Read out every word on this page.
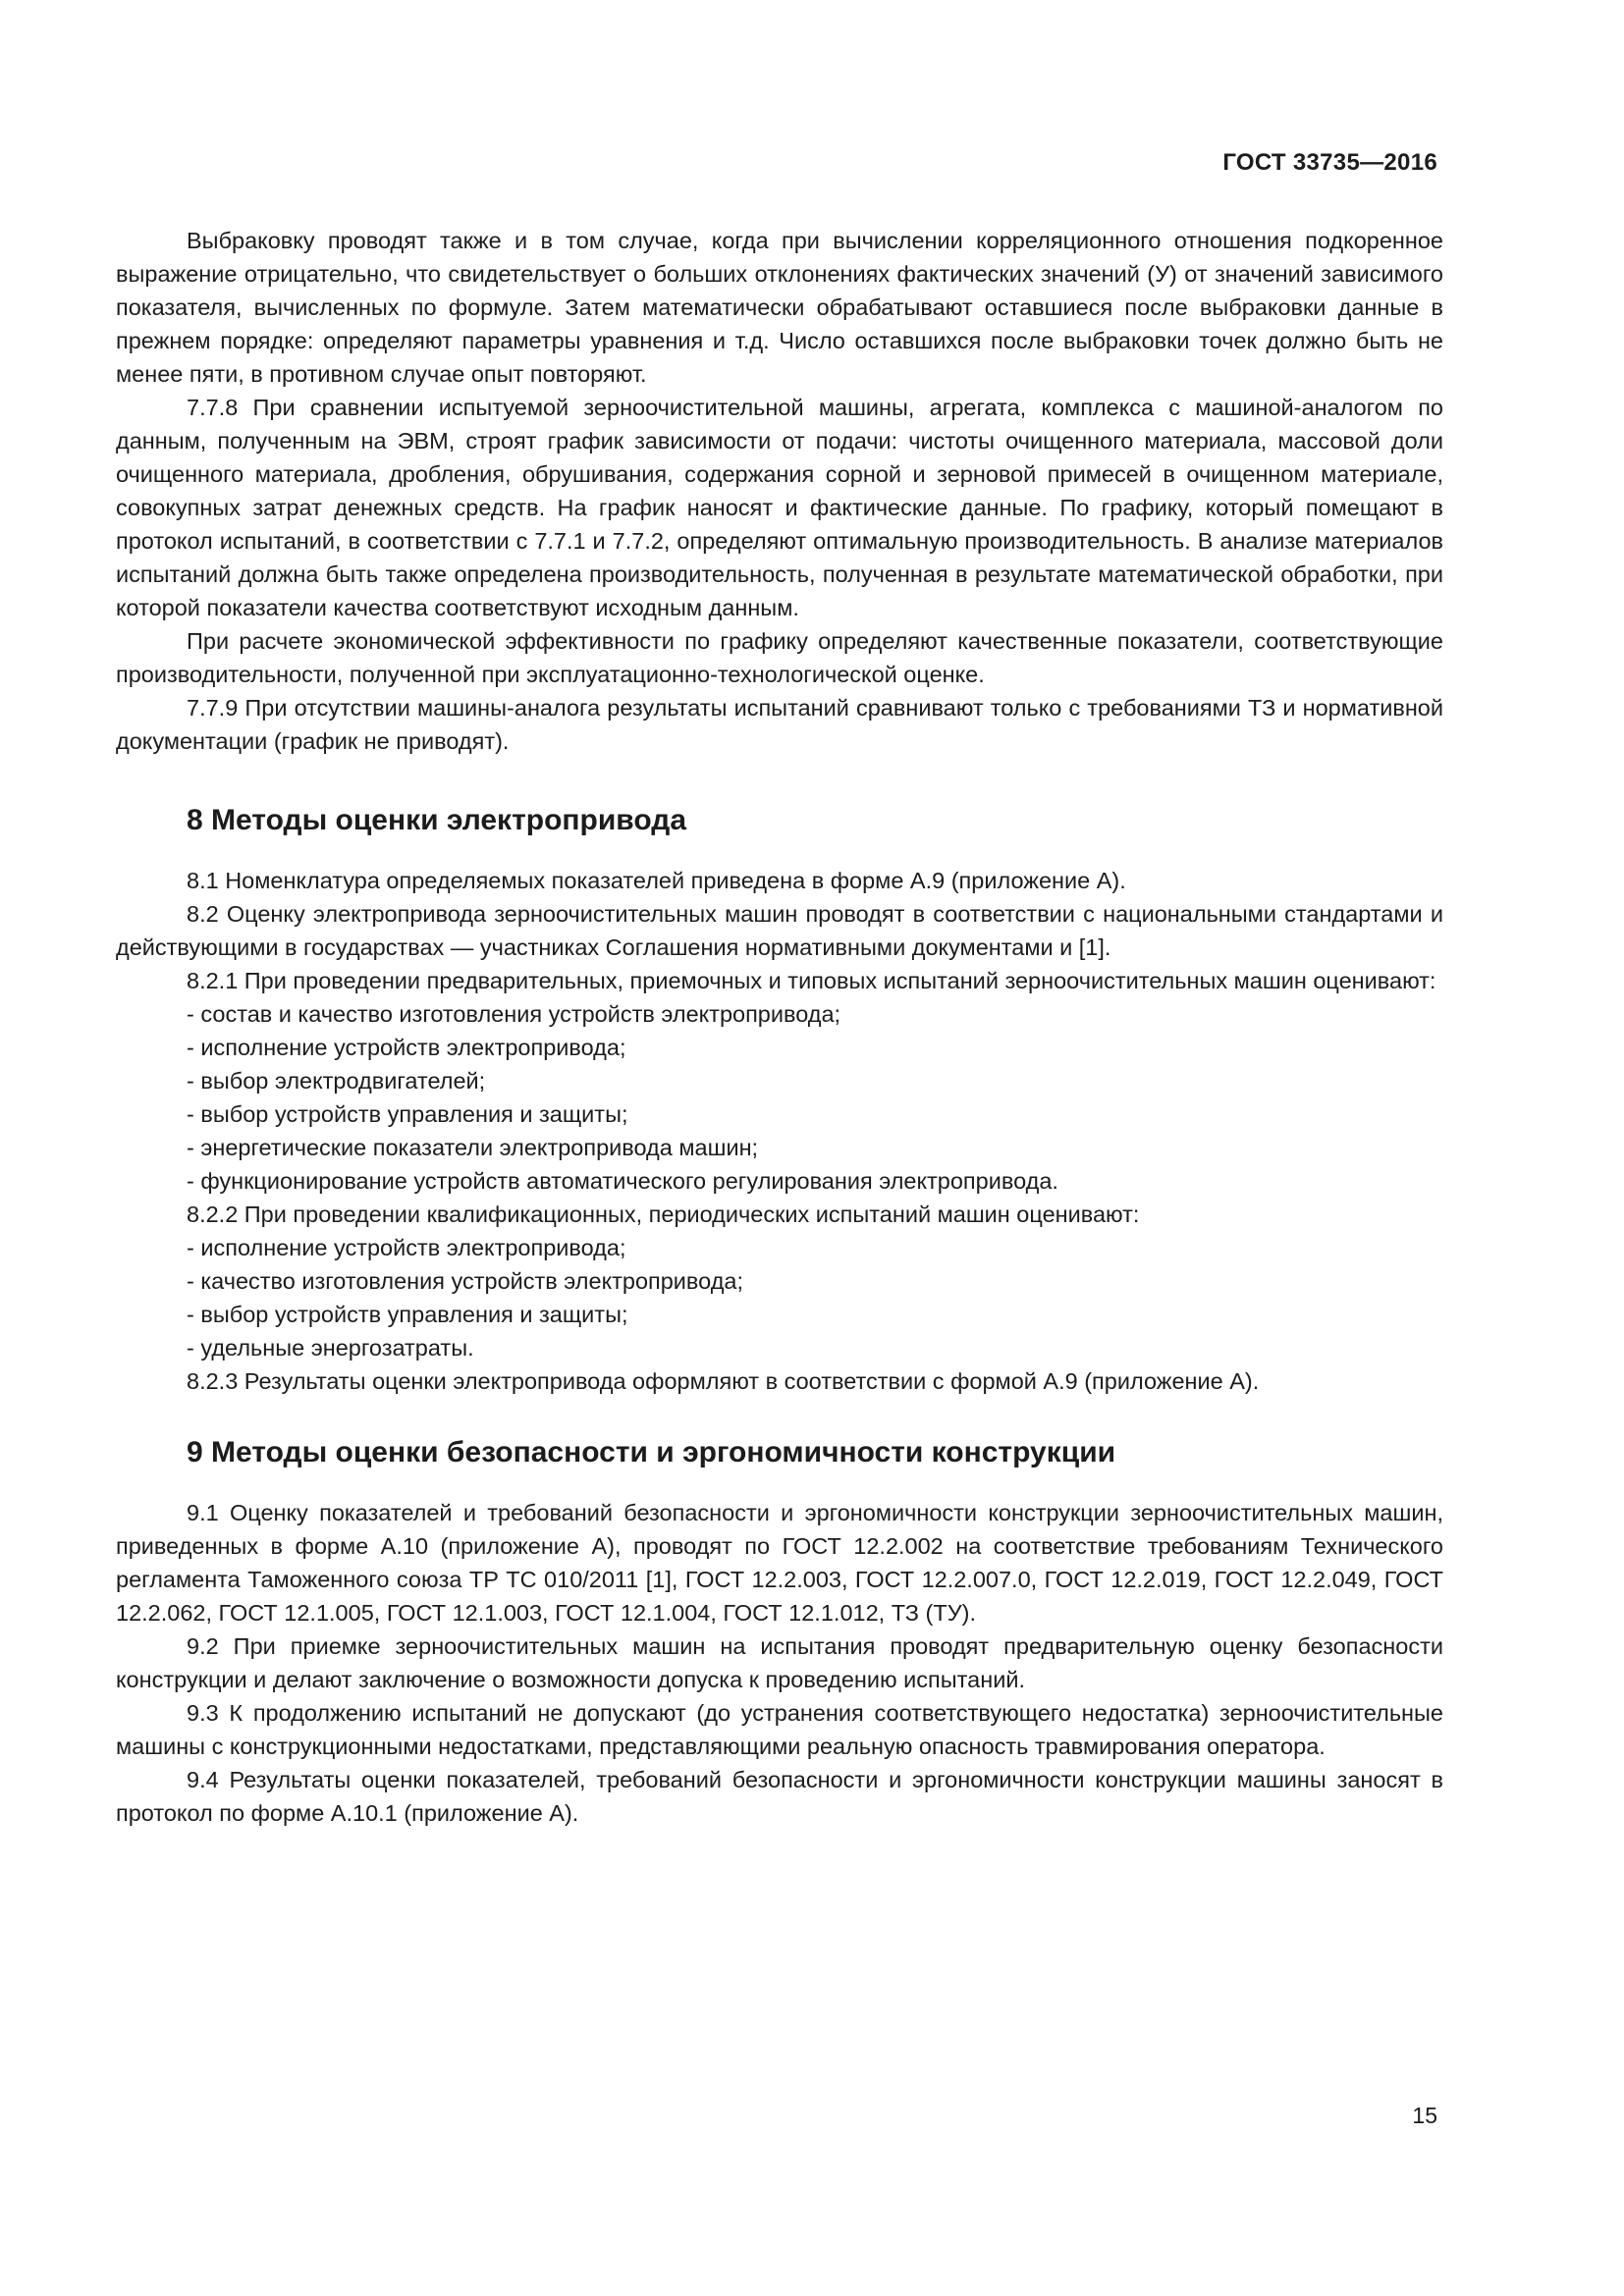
ГОСТ 33735—2016

Выбраковку проводят также и в том случае, когда при вычислении корреляционного отношения подкоренное выражение отрицательно, что свидетельствует о больших отклонениях фактических значений (У) от значений зависимого показателя, вычисленных по формуле. Затем математически обрабатывают оставшиеся после выбраковки данные в прежнем порядке: определяют параметры уравнения и т.д. Число оставшихся после выбраковки точек должно быть не менее пяти, в противном случае опыт повторяют.

7.7.8 При сравнении испытуемой зерноочистительной машины, агрегата, комплекса с машиной-аналогом по данным, полученным на ЭВМ, строят график зависимости от подачи: чистоты очищенного материала, массовой доли очищенного материала, дробления, обрушивания, содержания сорной и зерновой примесей в очищенном материале, совокупных затрат денежных средств. На график наносят и фактические данные. По графику, который помещают в протокол испытаний, в соответствии с 7.7.1 и 7.7.2, определяют оптимальную производительность. В анализе материалов испытаний должна быть также определена производительность, полученная в результате математической обработки, при которой показатели качества соответствуют исходным данным.

При расчете экономической эффективности по графику определяют качественные показатели, соответствующие производительности, полученной при эксплуатационно-технологической оценке.

7.7.9 При отсутствии машины-аналога результаты испытаний сравнивают только с требованиями ТЗ и нормативной документации (график не приводят).

8 Методы оценки электропривода

8.1 Номенклатура определяемых показателей приведена в форме А.9 (приложение А).

8.2 Оценку электропривода зерноочистительных машин проводят в соответствии с национальными стандартами и действующими в государствах — участниках Соглашения нормативными документами и [1].

8.2.1 При проведении предварительных, приемочных и типовых испытаний зерноочистительных машин оценивают:

- состав и качество изготовления устройств электропривода;

- исполнение устройств электропривода;

- выбор электродвигателей;

- выбор устройств управления и защиты;

- энергетические показатели электропривода машин;

- функционирование устройств автоматического регулирования электропривода.

8.2.2 При проведении квалификационных, периодических испытаний машин оценивают:

- исполнение устройств электропривода;

- качество изготовления устройств электропривода;

- выбор устройств управления и защиты;

- удельные энергозатраты.

8.2.3 Результаты оценки электропривода оформляют в соответствии с формой А.9 (приложение А).

9 Методы оценки безопасности и эргономичности конструкции

9.1 Оценку показателей и требований безопасности и эргономичности конструкции зерноочистительных машин, приведенных в форме А.10 (приложение А), проводят по ГОСТ 12.2.002 на соответствие требованиям Технического регламента Таможенного союза ТР ТС 010/2011 [1], ГОСТ 12.2.003, ГОСТ 12.2.007.0, ГОСТ 12.2.019, ГОСТ 12.2.049, ГОСТ 12.2.062, ГОСТ 12.1.005, ГОСТ 12.1.003, ГОСТ 12.1.004, ГОСТ 12.1.012, ТЗ (ТУ).

9.2 При приемке зерноочистительных машин на испытания проводят предварительную оценку безопасности конструкции и делают заключение о возможности допуска к проведению испытаний.

9.3 К продолжению испытаний не допускают (до устранения соответствующего недостатка) зерноочистительные машины с конструкционными недостатками, представляющими реальную опасность травмирования оператора.

9.4 Результаты оценки показателей, требований безопасности и эргономичности конструкции машины заносят в протокол по форме А.10.1 (приложение А).

15
